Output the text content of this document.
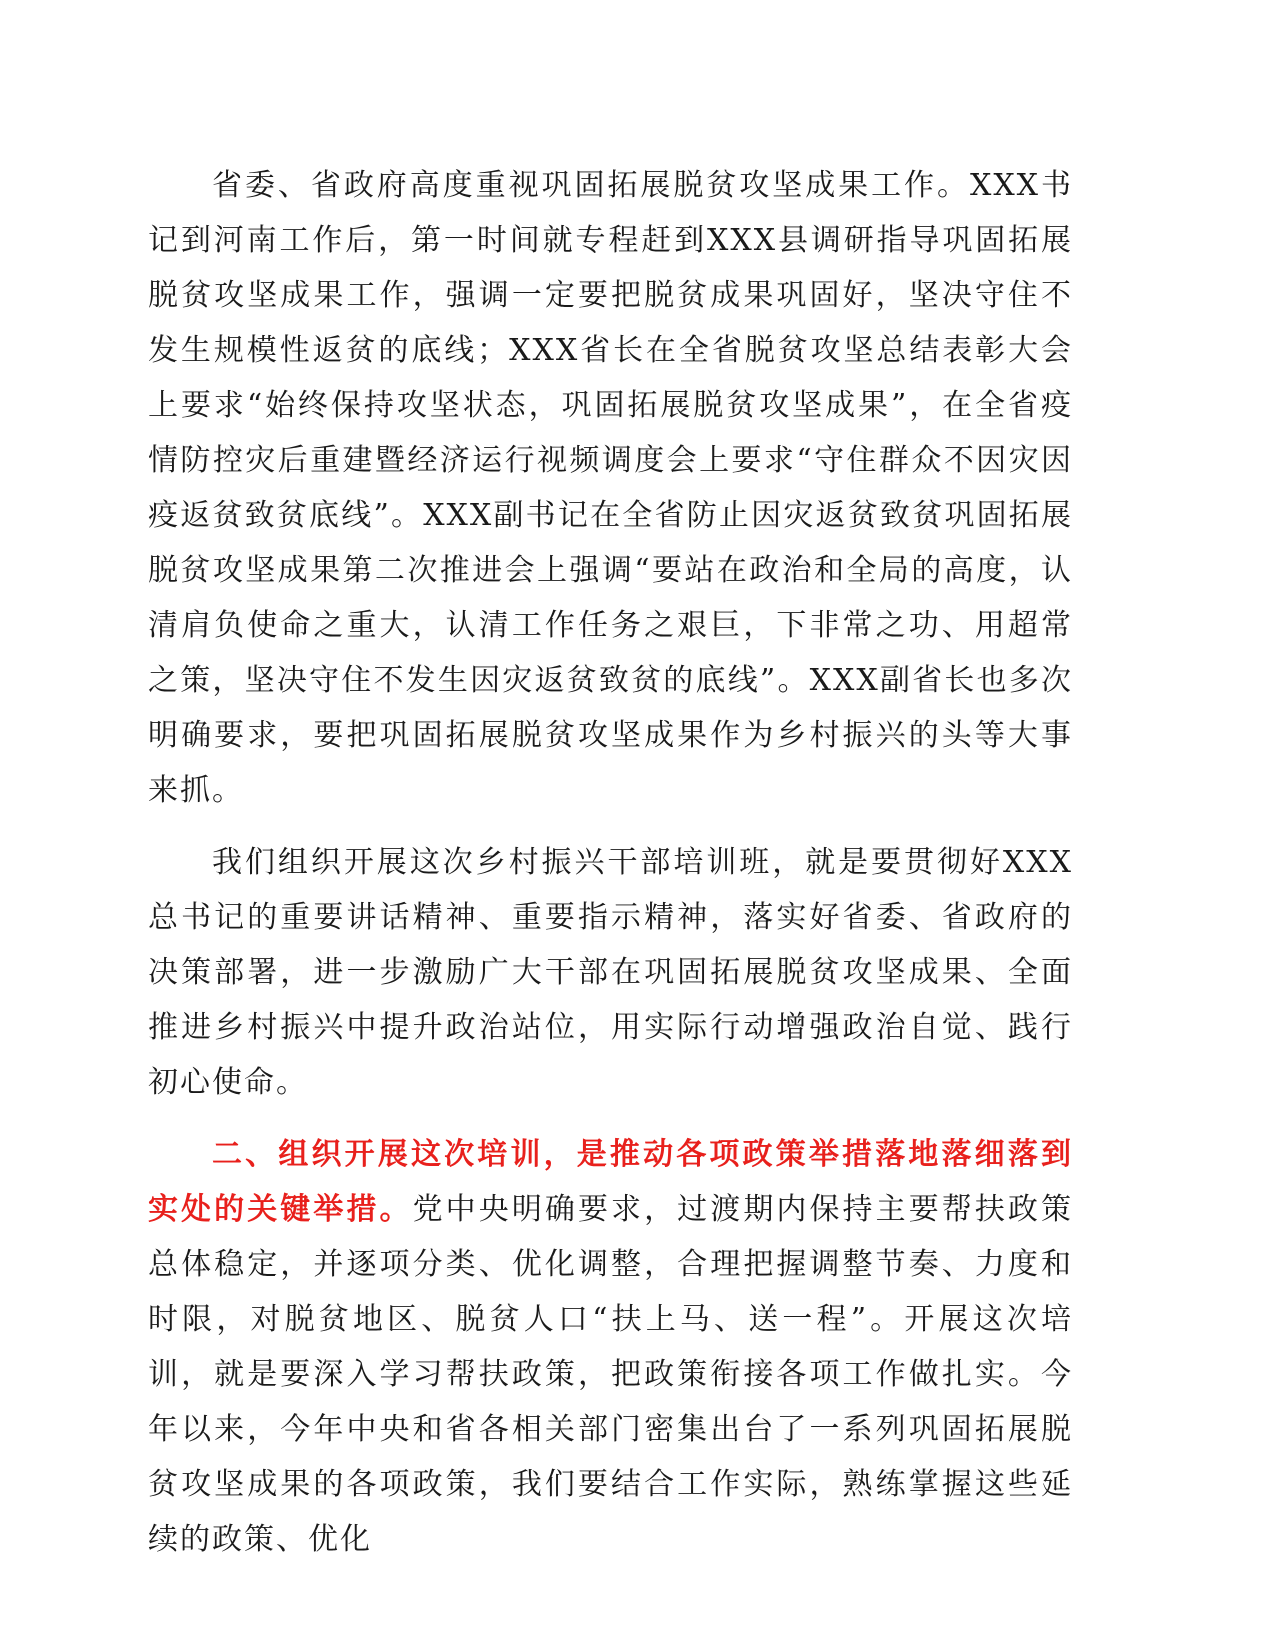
省委、省政府高度重视巩固拓展脱贫攻坚成果工作。XXX书记到河南工作后，第一时间就专程赶到XXX县调研指导巩固拓展脱贫攻坚成果工作，强调一定要把脱贫成果巩固好，坚决守住不发生规模性返贫的底线；XXX省长在全省脱贫攻坚总结表彰大会上要求“始终保持攻坚状态，巩固拓展脱贫攻坚成果”，在全省疫情防控灾后重建暨经济运行视频调度会上要求“守住群众不因灾因疫返贫致贫底线”。XXX副书记在全省防止因灾返贫致贫巩固拓展脱贫攻坚成果第二次推进会上强调“要站在政治和全局的高度，认清肩负使命之重大，认清工作任务之艰巨，下非常之功、用超常之策，坚决守住不发生因灾返贫致贫的底线”。XXX副省长也多次明确要求，要把巩固拓展脱贫攻坚成果作为乡村振兴的头等大事来抓。

我们组织开展这次乡村振兴干部培训班，就是要贯彻好XXX总书记的重要讲话精神、重要指示精神，落实好省委、省政府的决策部署，进一步激励广大干部在巩固拓展脱贫攻坚成果、全面推进乡村振兴中提升政治站位，用实际行动增强政治自觉、践行初心使命。

二、组织开展这次培训，是推动各项政策举措落地落细落到实处的关键举措。党中央明确要求，过渡期内保持主要帮扶政策总体稳定，并逐项分类、优化调整，合理把握调整节奏、力度和时限，对脱贫地区、脱贫人口“扶上马、送一程”。开展这次培训，就是要深入学习帮扶政策，把政策衔接各项工作做扎实。今年以来，今年中央和省各相关部门密集出台了一系列巩固拓展脱贫攻坚成果的各项政策，我们要结合工作实际，熟练掌握这些延续的政策、优化
